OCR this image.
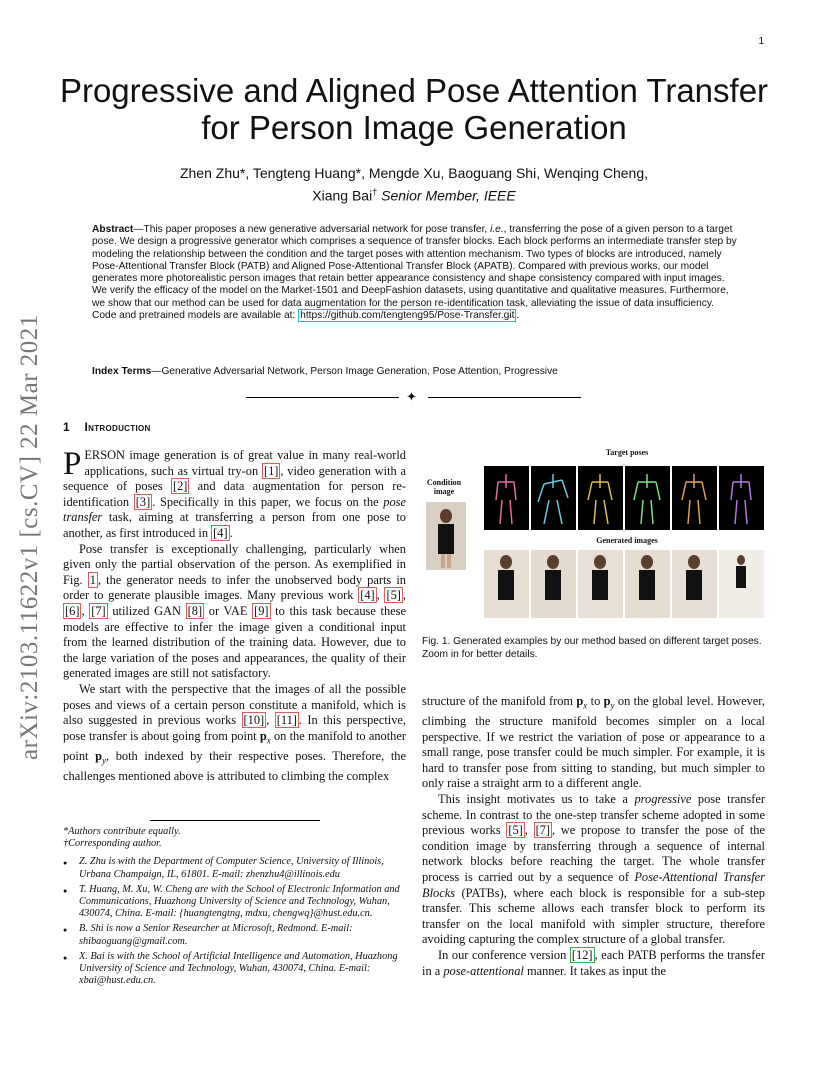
1
arXiv:2103.11622v1 [cs.CV] 22 Mar 2021
Progressive and Aligned Pose Attention Transfer
for Person Image Generation
Zhen Zhu*, Tengteng Huang*, Mengde Xu, Baoguang Shi, Wenqing Cheng,
Xiang Bai† Senior Member, IEEE
Abstract—This paper proposes a new generative adversarial network for pose transfer, i.e., transferring the pose of a given person to a target pose. We design a progressive generator which comprises a sequence of transfer blocks. Each block performs an intermediate transfer step by modeling the relationship between the condition and the target poses with attention mechanism. Two types of blocks are introduced, namely Pose-Attentional Transfer Block (PATB) and Aligned Pose-Attentional Transfer Block (APATB). Compared with previous works, our model generates more photorealistic person images that retain better appearance consistency and shape consistency compared with input images. We verify the efficacy of the model on the Market-1501 and DeepFashion datasets, using quantitative and qualitative measures. Furthermore, we show that our method can be used for data augmentation for the person re-identification task, alleviating the issue of data insufficiency. Code and pretrained models are available at: https://github.com/tengteng95/Pose-Transfer.git .
Index Terms—Generative Adversarial Network, Person Image Generation, Pose Attention, Progressive
✦
1 Introduction

PERSON image generation is of great value in many real-world applications, such as virtual try-on [1] , video generation with a sequence of poses [2] and data augmentation for person re-identification [3] . Specifically in this paper, we focus on the pose transfer task, aiming at transferring a person from one pose to another, as first introduced in [4] .

Pose transfer is exceptionally challenging, particularly when given only the partial observation of the person. As exemplified in Fig. 1 , the generator needs to infer the unobserved body parts in order to generate plausible images. Many previous work [4] , [5] , [6] , [7] utilized GAN [8] or VAE [9] to this task because these models are effective to infer the image given a conditional input from the learned distribution of the training data. However, due to the large variation of the poses and appearances, the quality of their generated images are still not satisfactory.

We start with the perspective that the images of all the possible poses and views of a certain person constitute a manifold, which is also suggested in previous works [10] , [11] . In this perspective, pose transfer is about going from point $p_x$ on the manifold to another point $p_y$, both indexed by their respective poses. Therefore, the challenges mentioned above is attributed to climbing the complex

*Authors contribute equally.

†Corresponding author.

● Z. Zhu is with the Department of Computer Science, University of Illinois, Urbana Champaign, IL, 61801. E-mail: zhenzhu4@illinois.edu
● T. Huang, M. Xu, W. Cheng are with the School of Electronic Information and Communications, Huazhong University of Science and Technology, Wuhan, 430074, China. E-mail: {huangtengtng, mdxu, chengwq}@hust.edu.cn.
● B. Shi is now a Senior Researcher at Microsoft, Redmond. E-mail: shibaoguang@gmail.com.
● X. Bai is with the School of Artificial Intelligence and Automation, Huazhong University of Science and Technology, Wuhan, 430074, China. E-mail: xbai@hust.edu.cn.
Target poses
Condition image
Generated images
Fig. 1. Generated examples by our method based on different target poses. Zoom in for better details.

structure of the manifold from $p_x$ to $p_y$ on the global level. However, climbing the structure manifold becomes simpler on a local perspective. If we restrict the variation of pose or appearance to a small range, pose transfer could be much simpler. For example, it is hard to transfer pose from sitting to standing, but much simpler to only raise a straight arm to a different angle.

This insight motivates us to take a progressive pose transfer scheme. In contrast to the one-step transfer scheme adopted in some previous works [5] , [7] , we propose to transfer the pose of the condition image by transferring through a sequence of internal network blocks before reaching the target. The whole transfer process is carried out by a sequence of Pose-Attentional Transfer Blocks (PATBs), where each block is responsible for a sub-step transfer. This scheme allows each transfer block to perform its transfer on the local manifold with simpler structure, therefore avoiding capturing the complex structure of a global transfer.

In our conference version [12] , each PATB performs the transfer in a pose-attentional manner. It takes as input the
